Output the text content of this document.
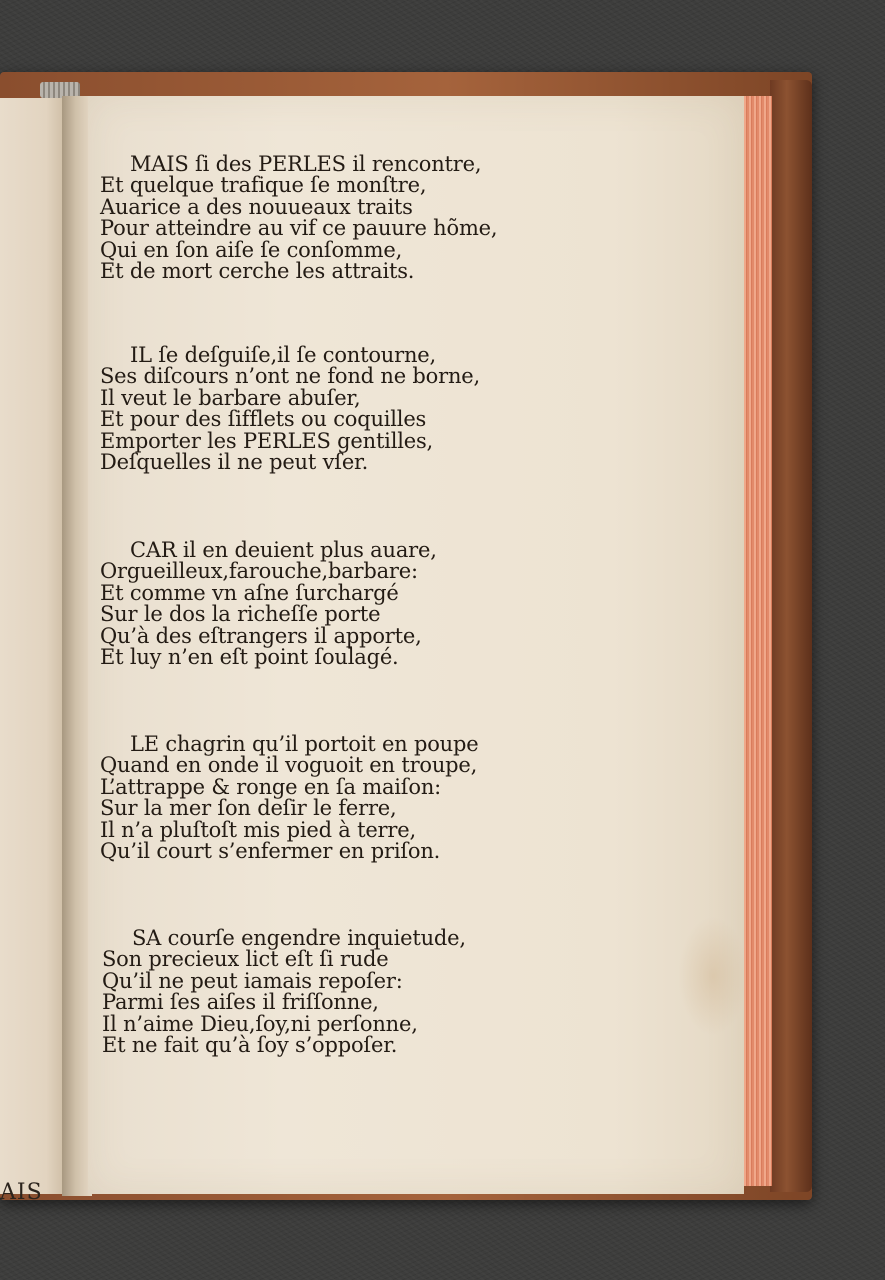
AIS
MAIS ſi des PERLES il rencontre,
Et quelque trafique ſe monſtre,
Auarice a des nouueaux traits
Pour atteindre au vif ce pauure hõme,
Qui en ſon aiſe ſe conſomme,
Et de mort cerche les attraits.
IL ſe deſguiſe,il ſe contourne,
Ses diſcours n’ont ne fond ne borne,
Il veut le barbare abuſer,
Et pour des ſifflets ou coquilles
Emporter les PERLES gentilles,
Deſquelles il ne peut vſer.
CAR il en deuient plus auare,
Orgueilleux,farouche,barbare:
Et comme vn aſne ſurchargé
Sur le dos la richeſſe porte
Qu’à des eſtrangers il apporte,
Et luy n’en eſt point ſoulagé.
LE chagrin qu’il portoit en poupe
Quand en onde il voguoit en troupe,
L’attrappe & ronge en ſa maiſon:
Sur la mer ſon deſir le ferre,
Il n’a pluſtoſt mis pied à terre,
Qu’il court s’enfermer en priſon.
SA courſe engendre inquietude,
Son precieux lict eſt ſi rude
Qu’il ne peut iamais repoſer:
Parmi ſes aiſes il friſſonne,
Il n’aime Dieu,ſoy,ni perſonne,
Et ne fait qu’à ſoy s’oppoſer.
